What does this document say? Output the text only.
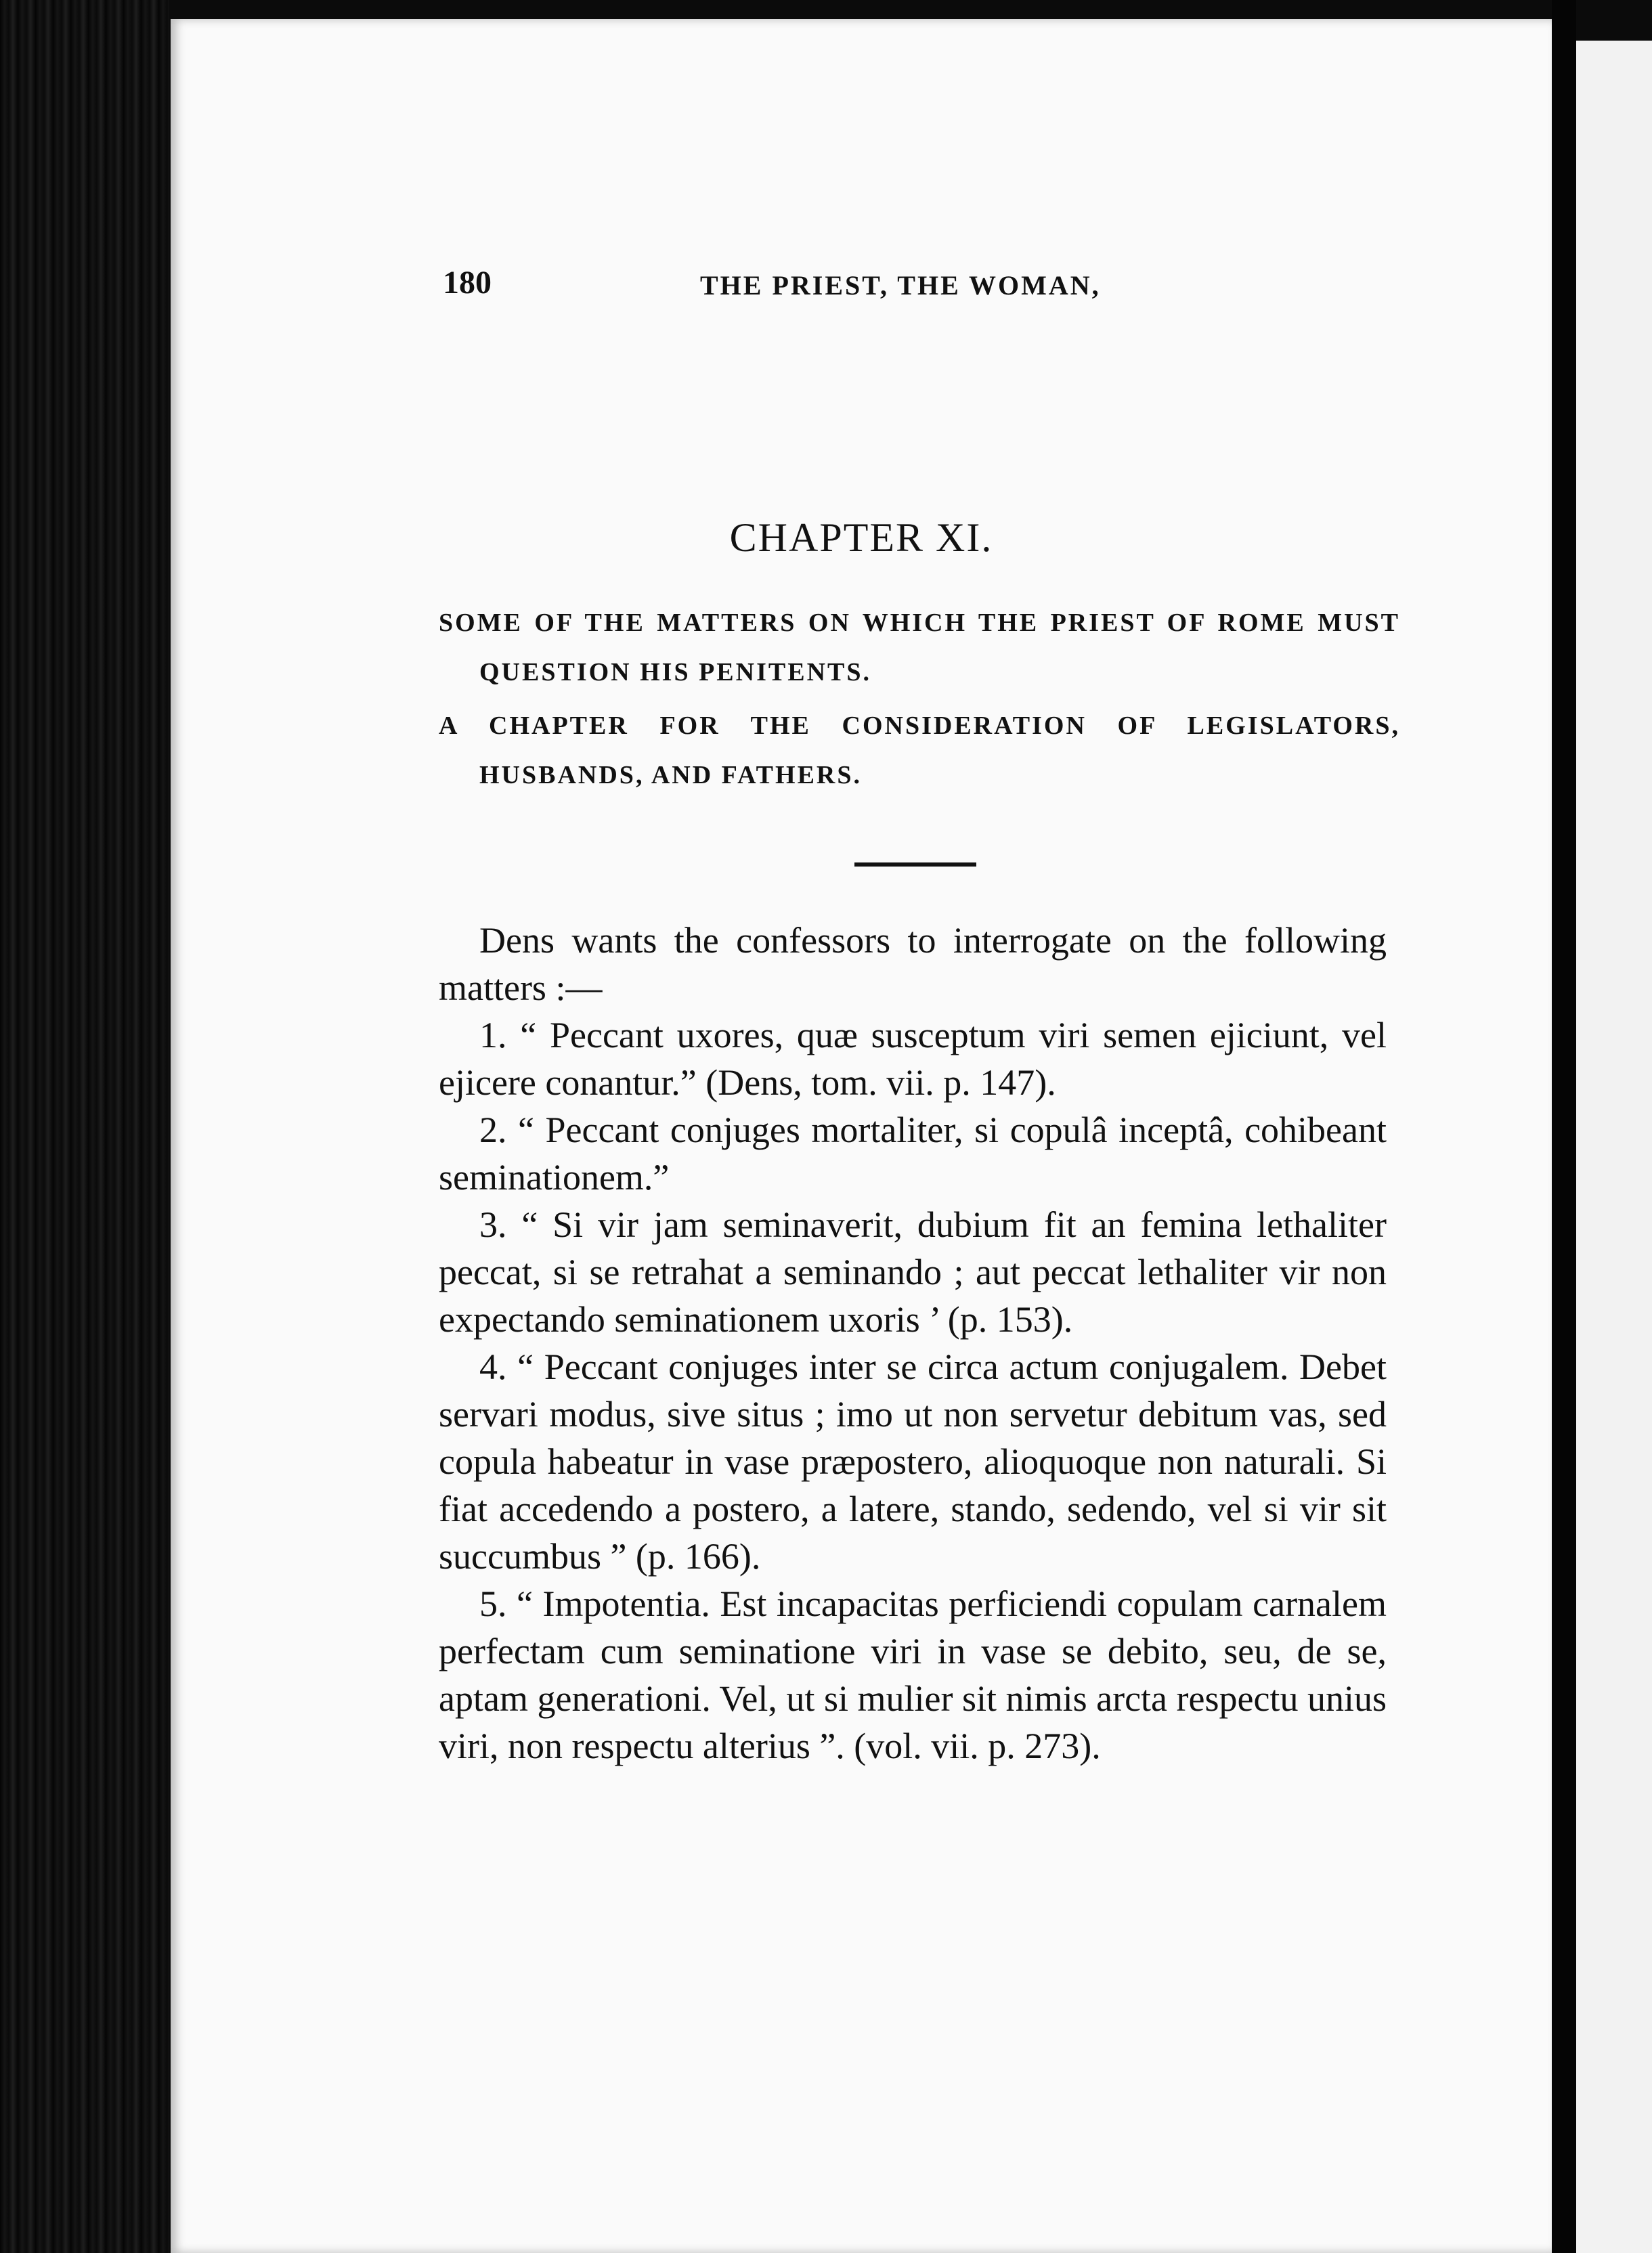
180	THE PRIEST, THE WOMAN,
CHAPTER XI.

SOME OF THE MATTERS ON WHICH THE PRIEST OF ROME MUST QUESTION HIS PENITENTS.

A CHAPTER FOR THE CONSIDERATION OF LEGISLATORS, HUSBANDS, AND FATHERS.

Dens wants the confessors to interrogate on the following matters :—

1. “ Peccant uxores, quæ susceptum viri semen ejiciunt, vel ejicere conantur.” (Dens, tom. vii. p. 147).

2. “ Peccant conjuges mortaliter, si copulâ inceptâ, cohibeant seminationem.”

3. “ Si vir jam seminaverit, dubium fit an femina lethaliter peccat, si se retrahat a seminando ; aut peccat lethaliter vir non expectando seminationem uxoris ’ (p. 153).

4. “ Peccant conjuges inter se circa actum conjugalem. Debet servari modus, sive situs ; imo ut non servetur debitum vas, sed copula habeatur in vase præpostero, alioquoque non naturali. Si fiat accedendo a postero, a latere, stando, sedendo, vel si vir sit succumbus ” (p. 166).

5. “ Impotentia. Est incapacitas perficiendi copulam carnalem perfectam cum seminatione viri in vase se debito, seu, de se, aptam generationi. Vel, ut si mulier sit nimis arcta respectu unius viri, non respectu alterius ”. (vol. vii. p. 273).
